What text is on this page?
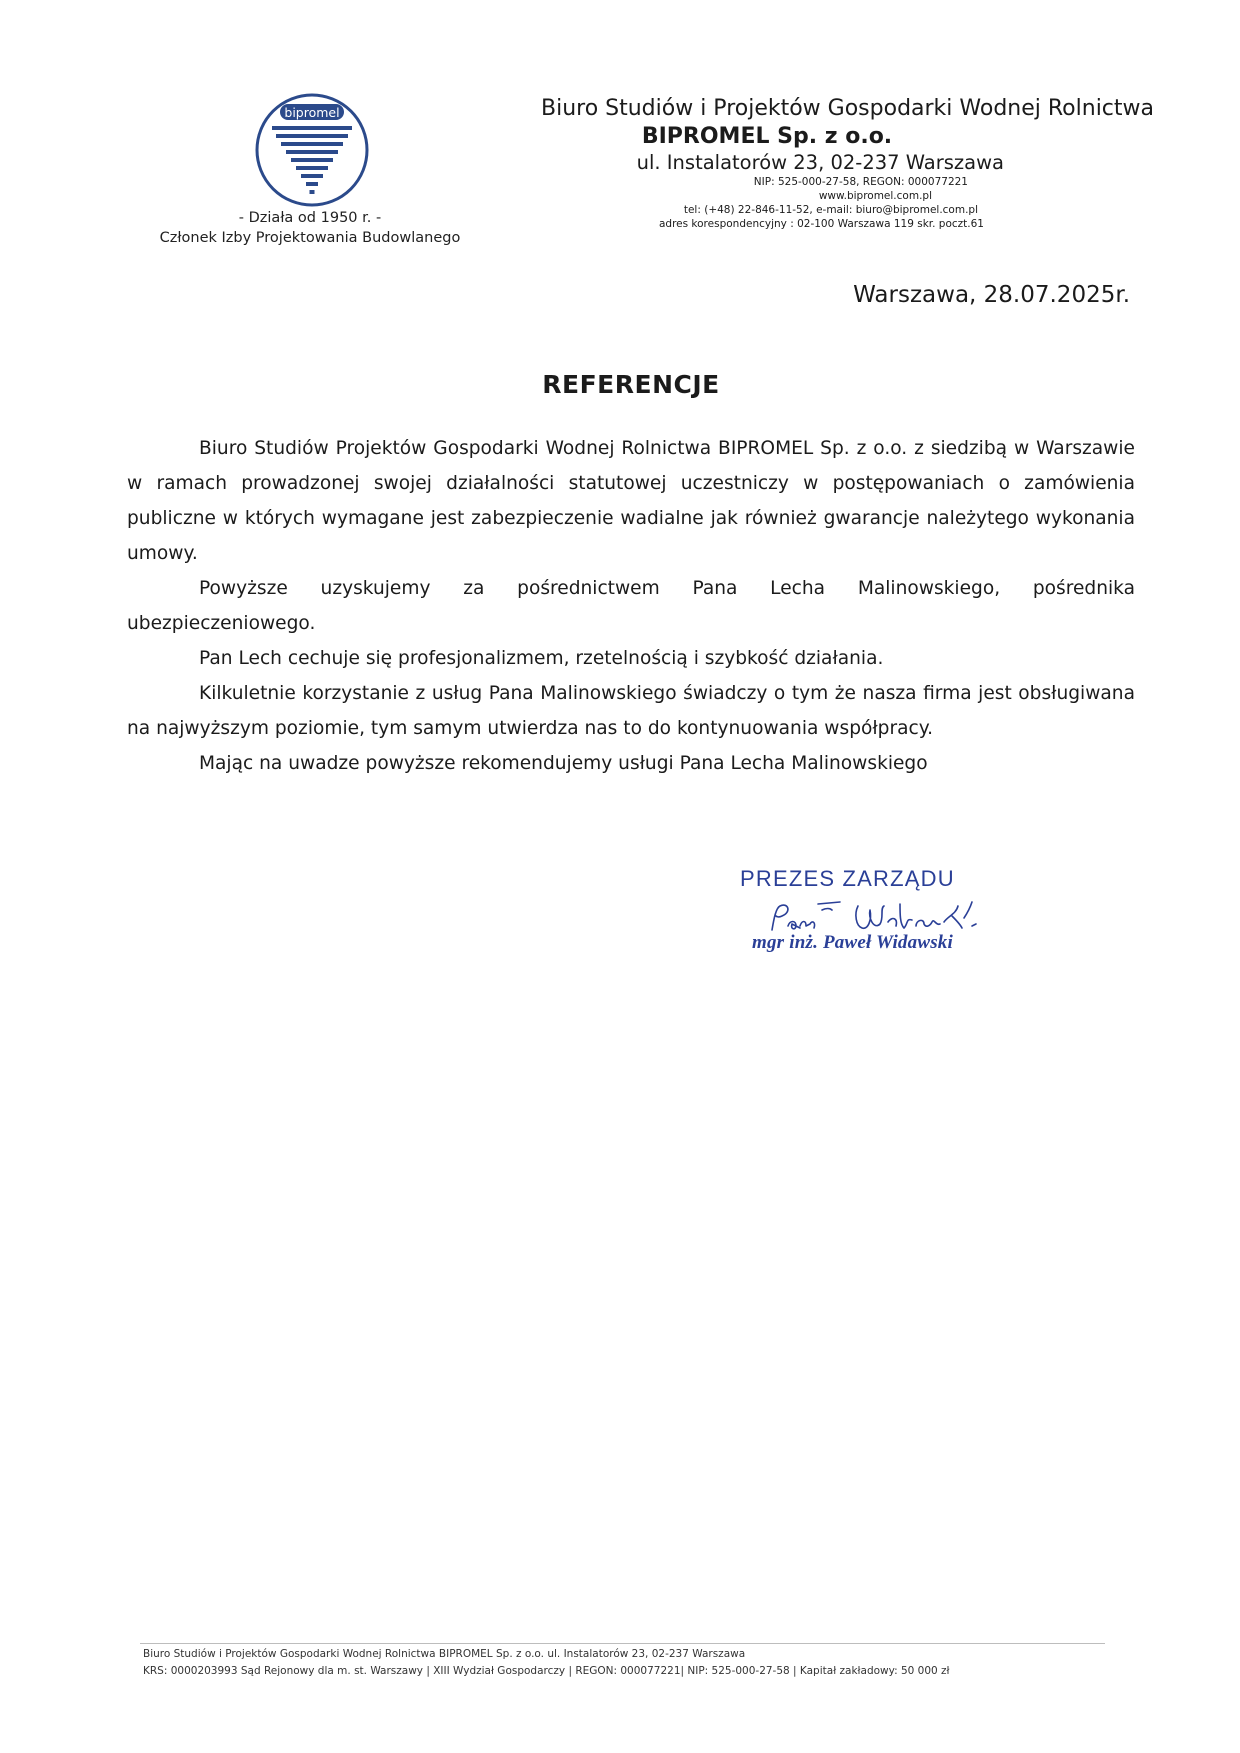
bipromel
- Działa od 1950 r. -
Członek Izby Projektowania Budowlanego
Biuro Studiów i Projektów Gospodarki Wodnej Rolnictwa
BIPROMEL Sp. z o.o.
ul. Instalatorów 23, 02-237 Warszawa
NIP: 525-000-27-58, REGON: 000077221
www.bipromel.com.pl
tel: (+48) 22-846-11-52, e-mail: biuro@bipromel.com.pl
adres korespondencyjny : 02-100 Warszawa 119 skr. poczt.61
Warszawa, 28.07.2025r.
REFERENCJE

Biuro Studiów Projektów Gospodarki Wodnej Rolnictwa BIPROMEL Sp. z o.o. z siedzibą w Warszawie w ramach prowadzonej swojej działalności statutowej uczestniczy w postępowaniach o zamówienia publiczne w których wymagane jest zabezpieczenie wadialne jak również gwarancje należytego wykonania umowy.

Powyższe uzyskujemy za pośrednictwem Pana Lecha Malinowskiego, pośrednika ubezpieczeniowego.

Pan Lech cechuje się profesjonalizmem, rzetelnością i szybkość działania.

Kilkuletnie korzystanie z usług Pana Malinowskiego świadczy o tym że nasza firma jest obsługiwana na najwyższym poziomie, tym samym utwierdza nas to do kontynuowania współpracy.

Mając na uwadze powyższe rekomendujemy usługi Pana Lecha Malinowskiego

PREZES ZARZĄDU
mgr inż. Paweł Widawski
Biuro Studiów i Projektów Gospodarki Wodnej Rolnictwa BIPROMEL Sp. z o.o. ul. Instalatorów 23, 02-237 Warszawa
KRS: 0000203993 Sąd Rejonowy dla m. st. Warszawy | XIII Wydział Gospodarczy | REGON: 000077221| NIP: 525-000-27-58 | Kapitał zakładowy: 50 000 zł
